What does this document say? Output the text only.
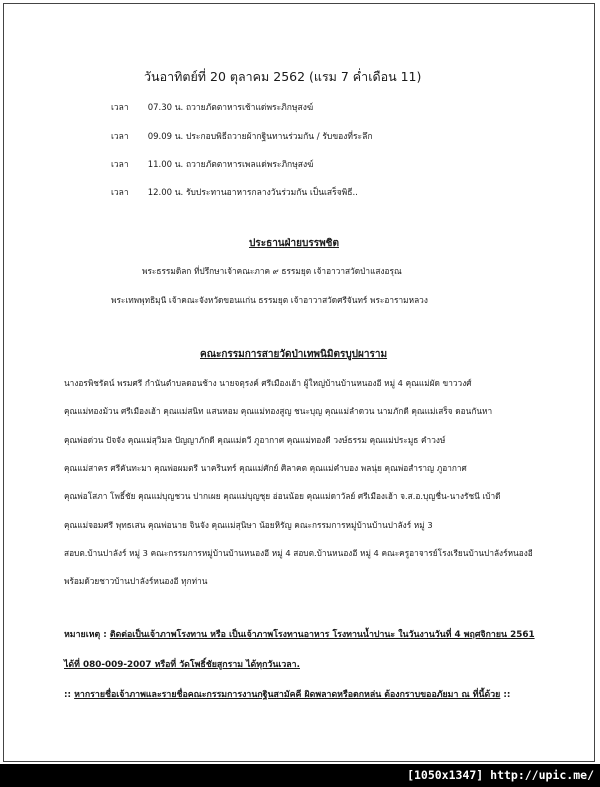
วันอาทิตย์ที่ 20 ตุลาคม 2562 (แรม 7 ค่ำเดือน 11)
เวลา 07.30 น. ถวายภัตตาหารเช้าแด่พระภิกษุสงฆ์
เวลา 09.09 น. ประกอบพิธีถวายผ้ากฐินทานร่วมกัน / รับของที่ระลึก
เวลา 11.00 น. ถวายภัตตาหารเพลแด่พระภิกษุสงฆ์
เวลา 12.00 น. รับประทานอาหารกลางวันร่วมกัน เป็นเสร็จพิธี..
ประธานฝ่ายบรรพชิต
พระธรรมดิลก ที่ปรึกษาเจ้าคณะภาค ๙ ธรรมยุต เจ้าอาวาสวัดป่าแสงอรุณ
พระเทพพุทธิมุนี เจ้าคณะจังหวัดขอนแก่น ธรรมยุต เจ้าอาวาสวัดศรีจันทร์ พระอารามหลวง
คณะกรรมการสายวัดป่าเทพนิมิตรบูปผาราม
นางอรพิชรัตน์ พรมศรี กำนันตำบลดอนช้าง นายจตุรงค์ ศรีเมืองเฮ้า ผู้ใหญ่บ้านบ้านหนองอี หมู่ 4 คุณแม่ผัด ขาววงศ์
คุณแม่ทองม้วน ศรีเมืองเฮ้า คุณแม่สนิท แสนหอม คุณแม่ทองสูญ ชนะบุญ คุณแม่ลำดวน นามภักดี คุณแม่เสร็จ ดอนกันหา
คุณพ่อด่วน ปัจจัง คุณแม่สุวิมล ปัญญาภักดี คุณแม่ดวี ภูอากาศ คุณแม่ทองดี วงษ์ธรรม คุณแม่ประมูธ คำวงษ์
คุณแม่สาคร ศรีคันทะมา คุณพ่อผมตรี นาครินทร์ คุณแม่ศักย์ ศิลาคต คุณแม่คำบอง พลนุ่ย คุณพ่อสำราญ ภูอากาศ
คุณพ่อโสภา โพธิ์ชัย คุณแม่บุญชวน ปากเผย คุณแม่บุญชุย อ่อนน้อย คุณแม่ดาวัลย์ ศรีเมืองเฮ้า จ.ส.อ.บุญชื่น-นางรัชนี เบ้าดี
คุณแม่จอมศรี พุทธเสน คุณพ่อนาย จินจัง คุณแม่สุนิษา น้อยหิรัญ คณะกรรมการหมู่บ้านบ้านปาลังร์ หมู่ 3
สอบต.บ้านปาลังร์ หมู่ 3 คณะกรรมการหมู่บ้านบ้านหนองอี หมู่ 4 สอบต.บ้านหนองอี หมู่ 4 คณะครูอาจารย์โรงเรียนบ้านปาลังร์หนองอี
พร้อมด้วยชาวบ้านปาลังร์หนองอี ทุกท่าน
หมายเหตุ : ติดต่อเป็นเจ้าภาพโรงทาน หรือ เป็นเจ้าภาพโรงทานอาหาร โรงทานน้ำปานะ ในวันงานวันที่ 4 พฤศจิกายน 2561
ได้ที่ 080-009-2007 หรือที่ วัดโพธิ์ชัยสูกราม ได้ทุกวันเวลา.
:: หากรายชื่อเจ้าภาพและรายชื่อคณะกรรมการงานกฐินสามัคคี ผิดพลาดหรือตกหล่น ต้องกราบขออภัยมา ณ ที่นี้ด้วย ::
[1050x1347] http://upic.me/
